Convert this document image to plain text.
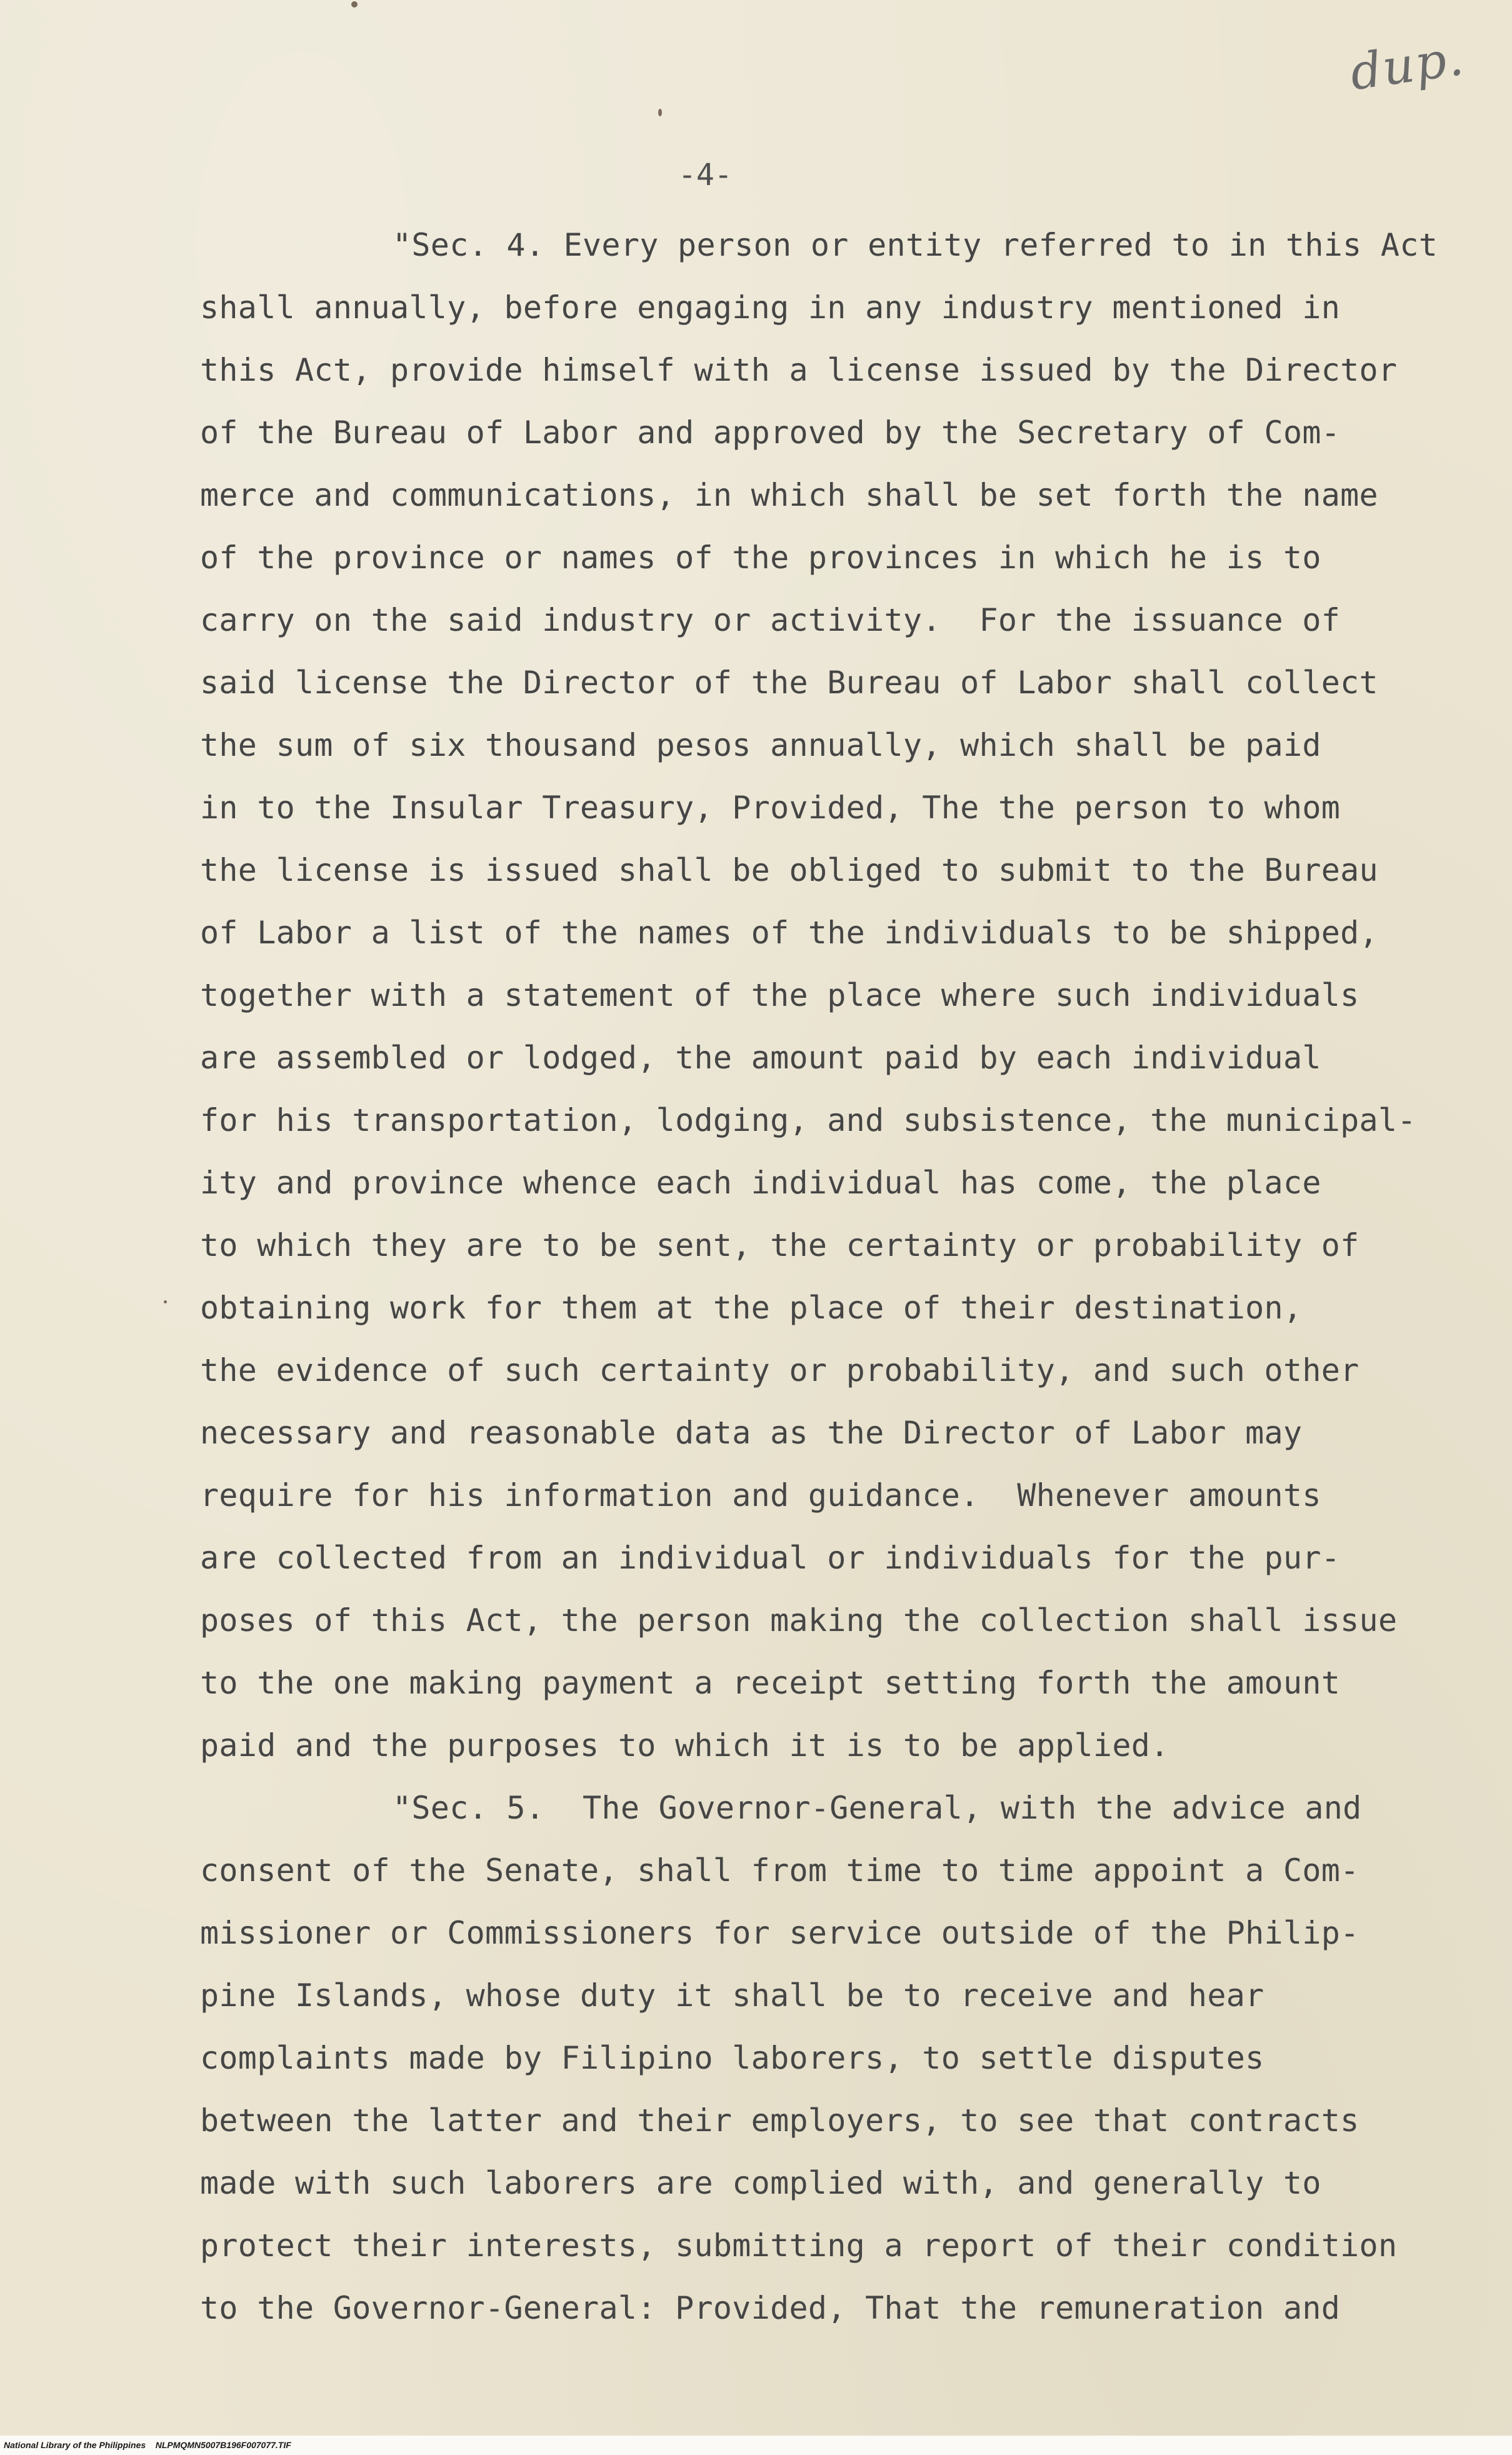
dup.
-4-
"Sec. 4. Every person or entity referred to in this Act
shall annually, before engaging in any industry mentioned in
this Act, provide himself with a license issued by the Director
of the Bureau of Labor and approved by the Secretary of Com-
merce and communications, in which shall be set forth the name
of the province or names of the provinces in which he is to
carry on the said industry or activity.  For the issuance of
said license the Director of the Bureau of Labor shall collect
the sum of six thousand pesos annually, which shall be paid
in to the Insular Treasury, Provided, The the person to whom
the license is issued shall be obliged to submit to the Bureau
of Labor a list of the names of the individuals to be shipped,
together with a statement of the place where such individuals
are assembled or lodged, the amount paid by each individual
for his transportation, lodging, and subsistence, the municipal-
ity and province whence each individual has come, the place
to which they are to be sent, the certainty or probability of
obtaining work for them at the place of their destination,
the evidence of such certainty or probability, and such other
necessary and reasonable data as the Director of Labor may
require for his information and guidance.  Whenever amounts
are collected from an individual or individuals for the pur-
poses of this Act, the person making the collection shall issue
to the one making payment a receipt setting forth the amount
paid and the purposes to which it is to be applied.
"Sec. 5.  The Governor-General, with the advice and
consent of the Senate, shall from time to time appoint a Com-
missioner or Commissioners for service outside of the Philip-
pine Islands, whose duty it shall be to receive and hear
complaints made by Filipino laborers, to settle disputes
between the latter and their employers, to see that contracts
made with such laborers are complied with, and generally to
protect their interests, submitting a report of their condition
to the Governor-General: Provided, That the remuneration and
National Library of the Philippines NLPMQMN5007B196F007077.TIF
